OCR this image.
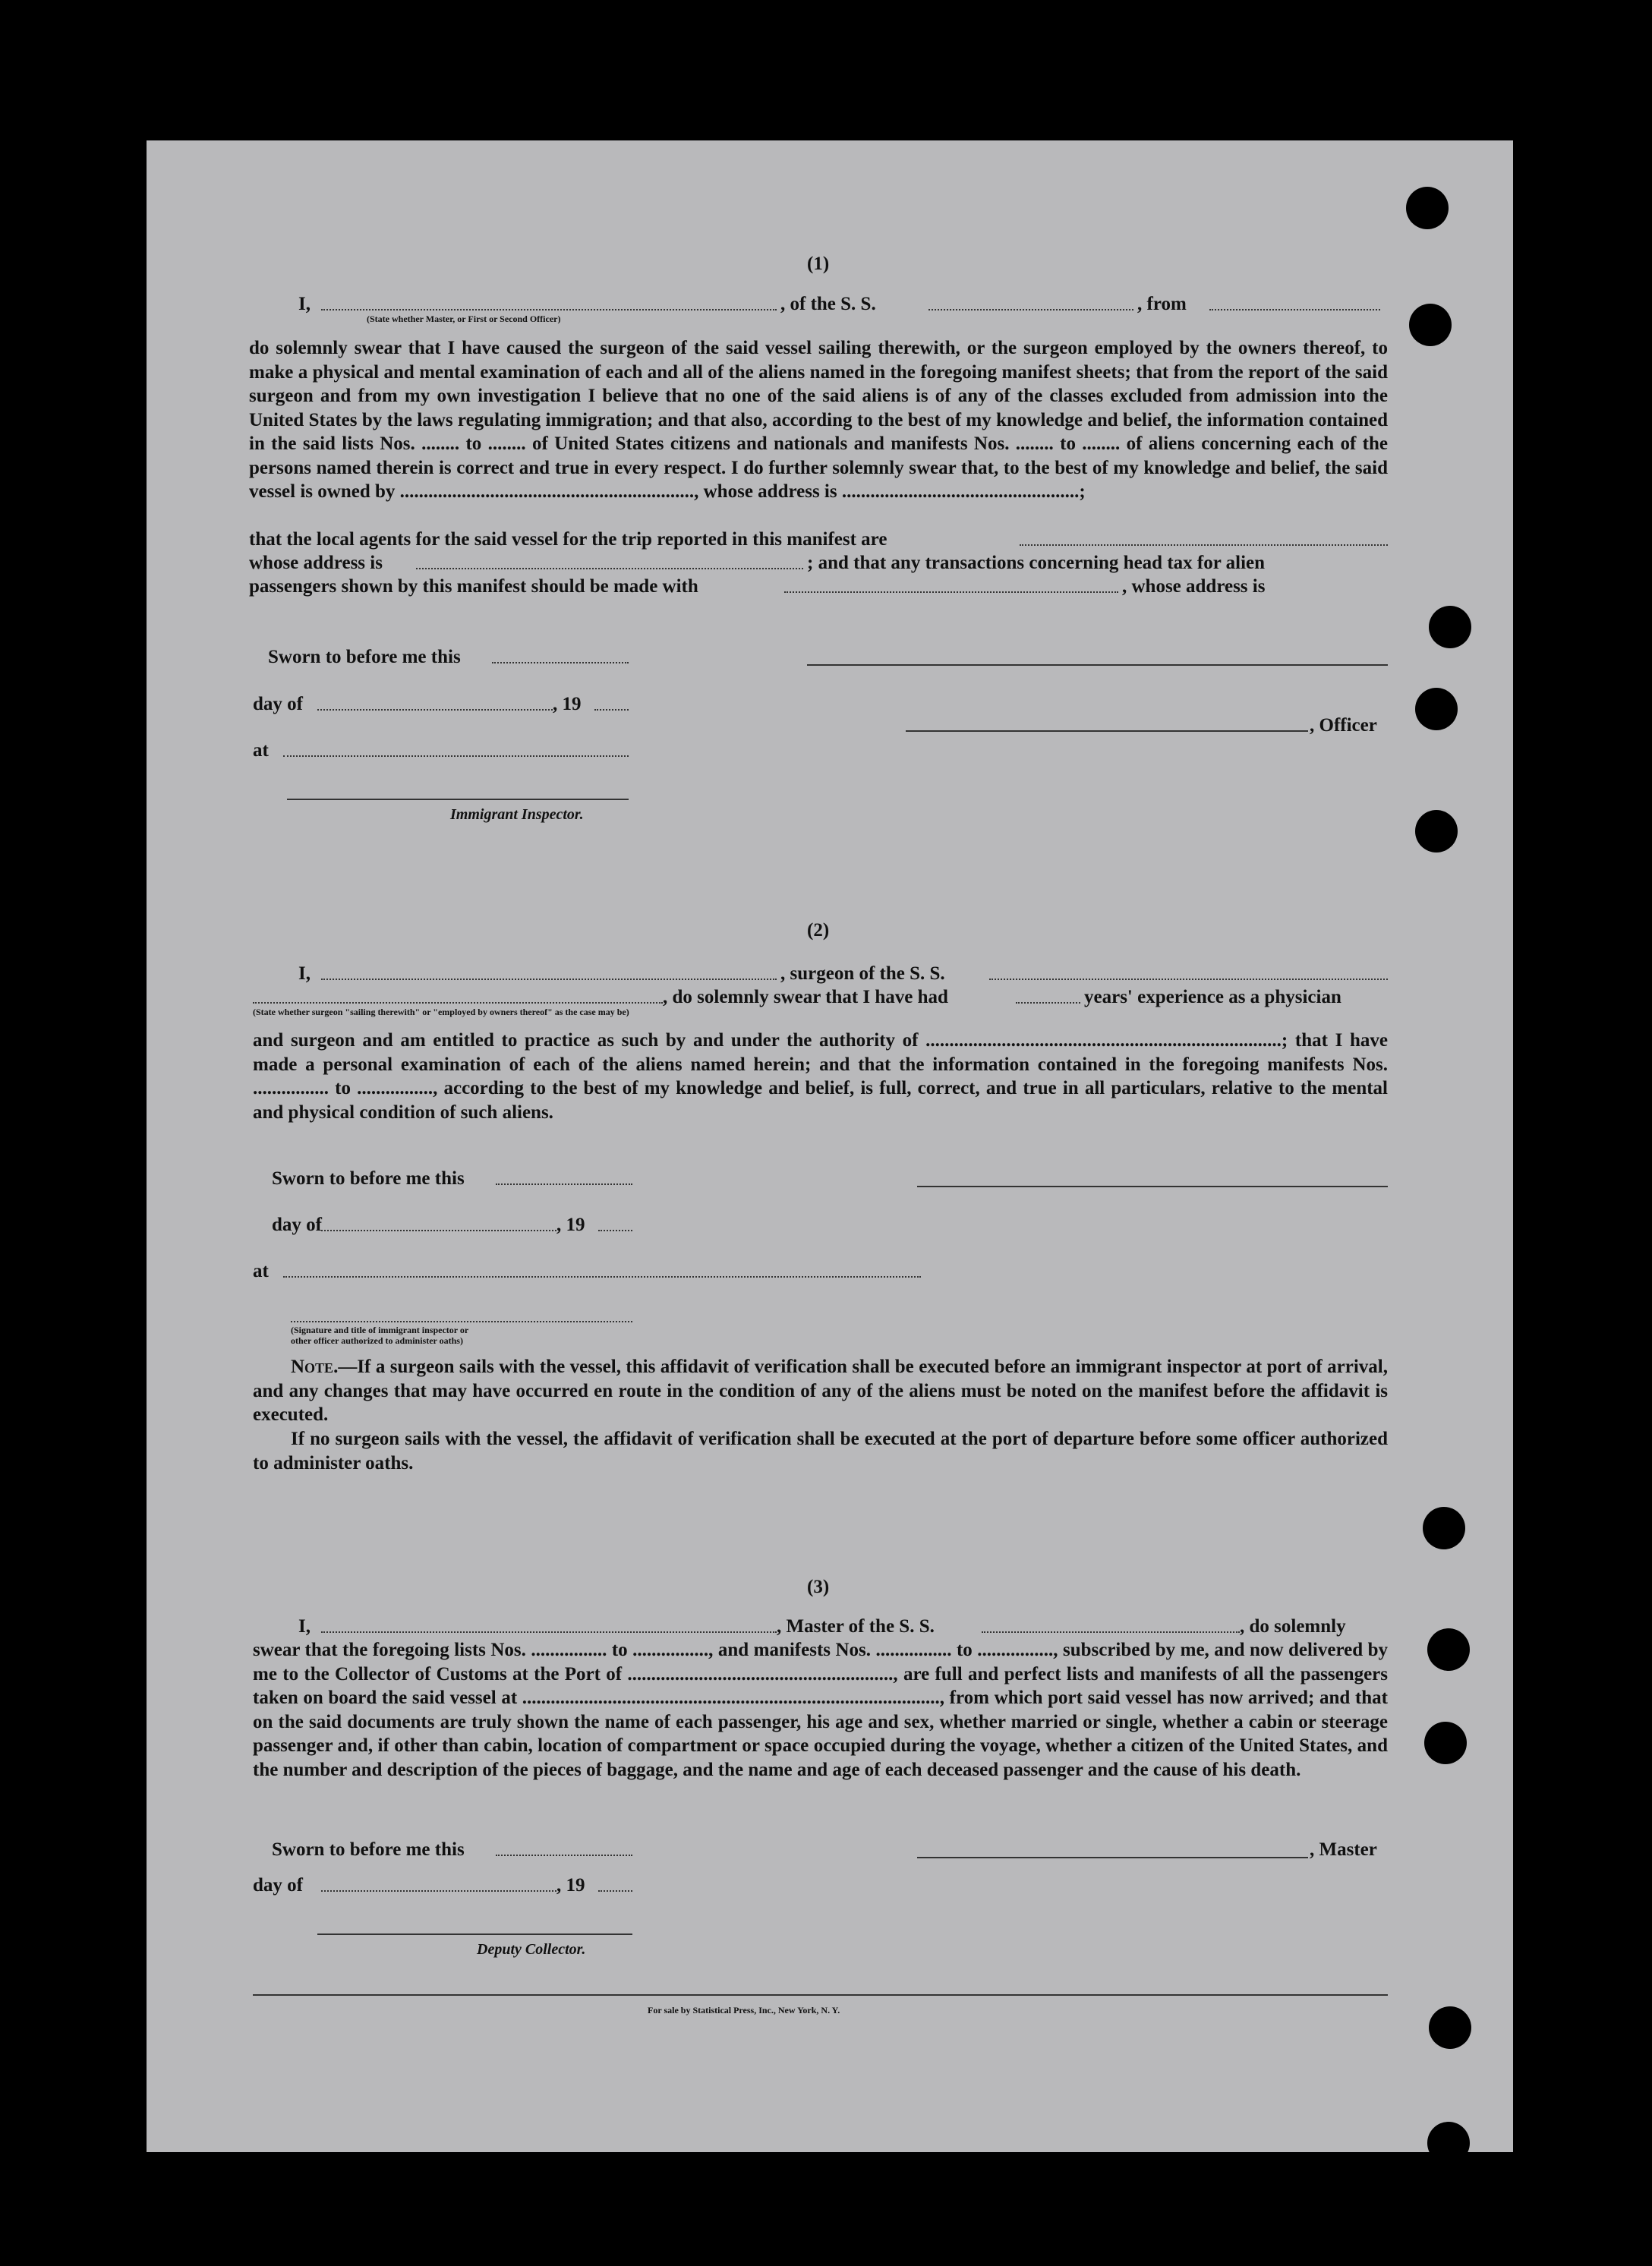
(1)
I,
(State whether Master, or First or Second Officer)
, of the S. S.	, from
do solemnly swear that I have caused the surgeon of the said vessel sailing therewith, or the surgeon employed by the owners thereof, to make a physical and mental examination of each and all of the aliens named in the foregoing manifest sheets; that from the report of the said surgeon and from my own investigation I believe that no one of the said aliens is of any of the classes excluded from admission into the United States by the laws regulating immigration; and that also, according to the best of my knowledge and belief, the information contained in the said lists Nos. ........ to ........ of United States citizens and nationals and manifests Nos. ........ to ........ of aliens concerning each of the persons named therein is correct and true in every respect. I do further solemnly swear that, to the best of my knowledge and belief, the said vessel is owned by .............................................................., whose address is ..................................................;
that the local agents for the said vessel for the trip reported in this manifest are
whose address is	; and that any transactions concerning head tax for alien
passengers shown by this manifest should be made with	, whose address is
Sworn to before me this
day of	, 19
, Officer
at
Immigrant Inspector.
(2)
I,	, surgeon of the S. S.
(State whether surgeon "sailing therewith" or "employed by owners thereof" as the case may be)
, do solemnly swear that I have had	years' experience as a physician
and surgeon and am entitled to practice as such by and under the authority of ...........................................................................; that I have made a personal examination of each of the aliens named herein; and that the information contained in the foregoing manifests Nos. ................ to ................, according to the best of my knowledge and belief, is full, correct, and true in all particulars, relative to the mental and physical condition of such aliens.
Sworn to before me this
day of	, 19
at
(Signature and title of immigrant inspector or
other officer authorized to administer oaths)
Note.—If a surgeon sails with the vessel, this affidavit of verification shall be executed before an immigrant inspector at port of arrival, and any changes that may have occurred en route in the condition of any of the aliens must be noted on the manifest before the affidavit is executed.
If no surgeon sails with the vessel, the affidavit of verification shall be executed at the port of departure before some officer authorized to administer oaths.
(3)
I,	, Master of the S. S.	, do solemnly
swear that the foregoing lists Nos. ................ to ................, and manifests Nos. ................ to ................, subscribed by me, and now delivered by me to the Collector of Customs at the Port of ........................................................, are full and perfect lists and manifests of all the passengers taken on board the said vessel at ........................................................................................, from which port said vessel has now arrived; and that on the said documents are truly shown the name of each passenger, his age and sex, whether married or single, whether a cabin or steerage passenger and, if other than cabin, location of compartment or space occupied during the voyage, whether a citizen of the United States, and the number and description of the pieces of baggage, and the name and age of each deceased passenger and the cause of his death.
Sworn to before me this	, Master
day of	, 19
Deputy Collector.
For sale by Statistical Press, Inc., New York, N. Y.
